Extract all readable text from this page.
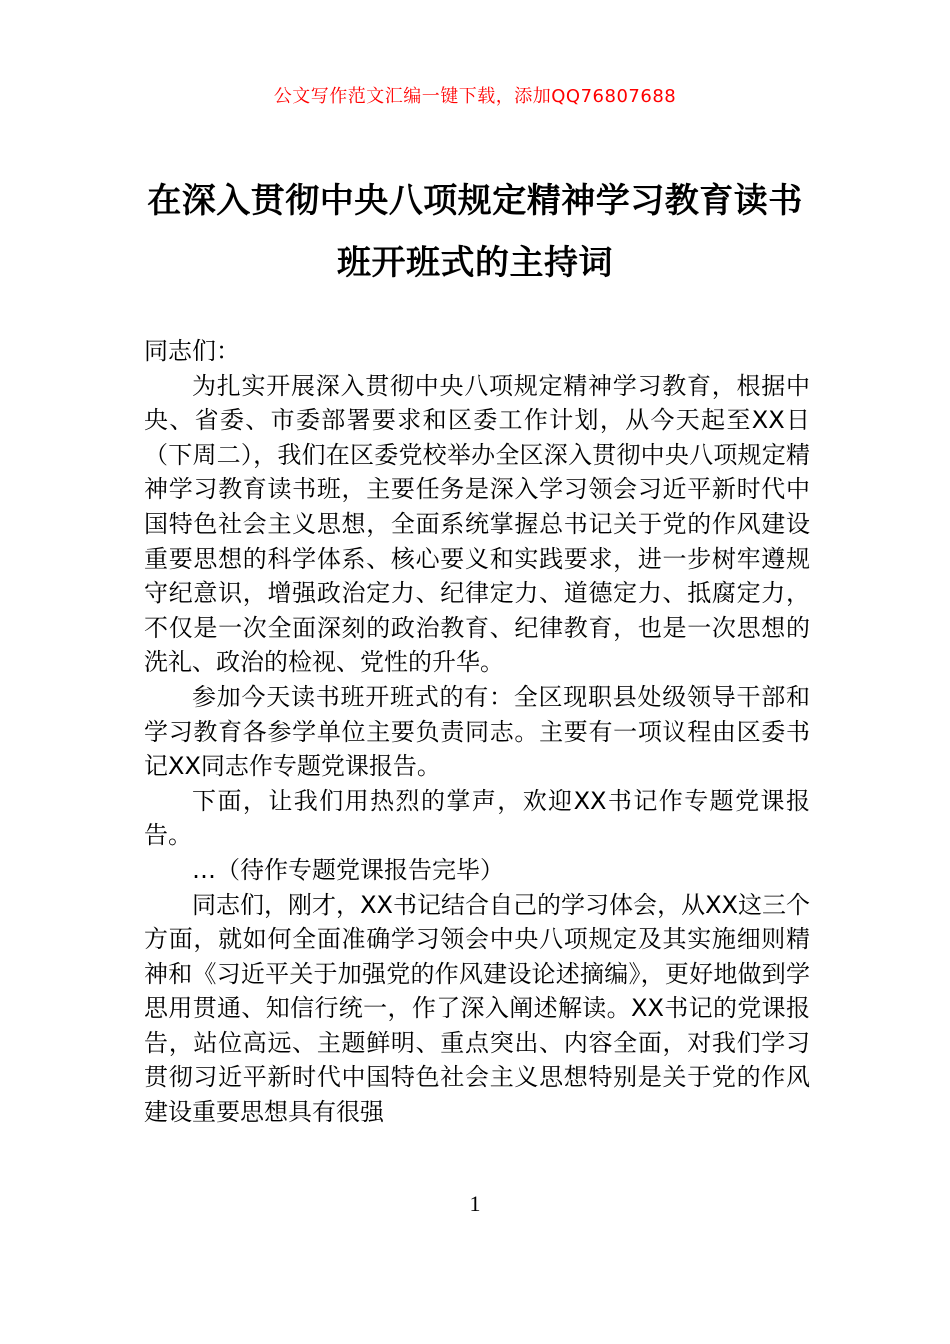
公文写作范文汇编一键下载，添加QQ76807688
在深入贯彻中央八项规定精神学习教育读书班开班式的主持词

同志们：

为扎实开展深入贯彻中央八项规定精神学习教育，根据中央、省委、市委部署要求和区委工作计划，从今天起至XX日（下周二），我们在区委党校举办全区深入贯彻中央八项规定精神学习教育读书班，主要任务是深入学习领会习近平新时代中国特色社会主义思想，全面系统掌握总书记关于党的作风建设重要思想的科学体系、核心要义和实践要求，进一步树牢遵规守纪意识，增强政治定力、纪律定力、道德定力、抵腐定力，不仅是一次全面深刻的政治教育、纪律教育，也是一次思想的洗礼、政治的检视、党性的升华。

参加今天读书班开班式的有：全区现职县处级领导干部和学习教育各参学单位主要负责同志。主要有一项议程由区委书记XX同志作专题党课报告。

下面，让我们用热烈的掌声，欢迎XX书记作专题党课报告。

…（待作专题党课报告完毕）

同志们，刚才，XX书记结合自己的学习体会，从XX这三个方面，就如何全面准确学习领会中央八项规定及其实施细则精神和《习近平关于加强党的作风建设论述摘编》，更好地做到学思用贯通、知信行统一，作了深入阐述解读。XX书记的党课报告，站位高远、主题鲜明、重点突出、内容全面，对我们学习贯彻习近平新时代中国特色社会主义思想特别是关于党的作风建设重要思想具有很强

1
